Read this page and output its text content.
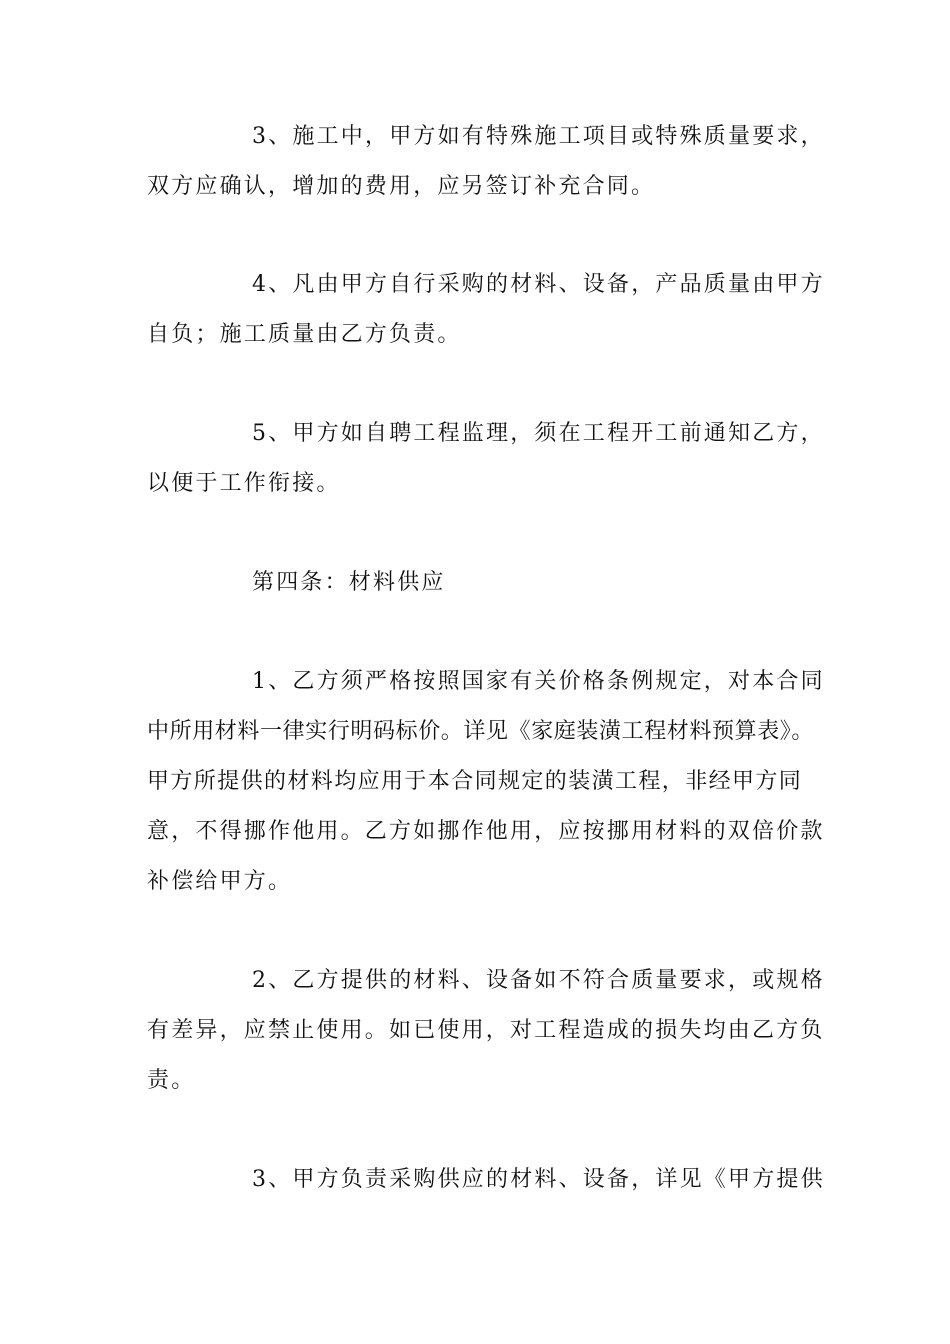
3、施工中，甲方如有特殊施工项目或特殊质量要求，
双方应确认，增加的费用，应另签订补充合同。
4、凡由甲方自行采购的材料、设备，产品质量由甲方
自负；施工质量由乙方负责。
5、甲方如自聘工程监理，须在工程开工前通知乙方，
以便于工作衔接。
第四条：材料供应
1、乙方须严格按照国家有关价格条例规定，对本合同
中所用材料一律实行明码标价。详见《家庭装潢工程材料预算表》。
甲方所提供的材料均应用于本合同规定的装潢工程，非经甲方同
意，不得挪作他用。乙方如挪作他用，应按挪用材料的双倍价款
补偿给甲方。
2、乙方提供的材料、设备如不符合质量要求，或规格
有差异，应禁止使用。如已使用，对工程造成的损失均由乙方负
责。
3、甲方负责采购供应的材料、设备，详见《甲方提供
